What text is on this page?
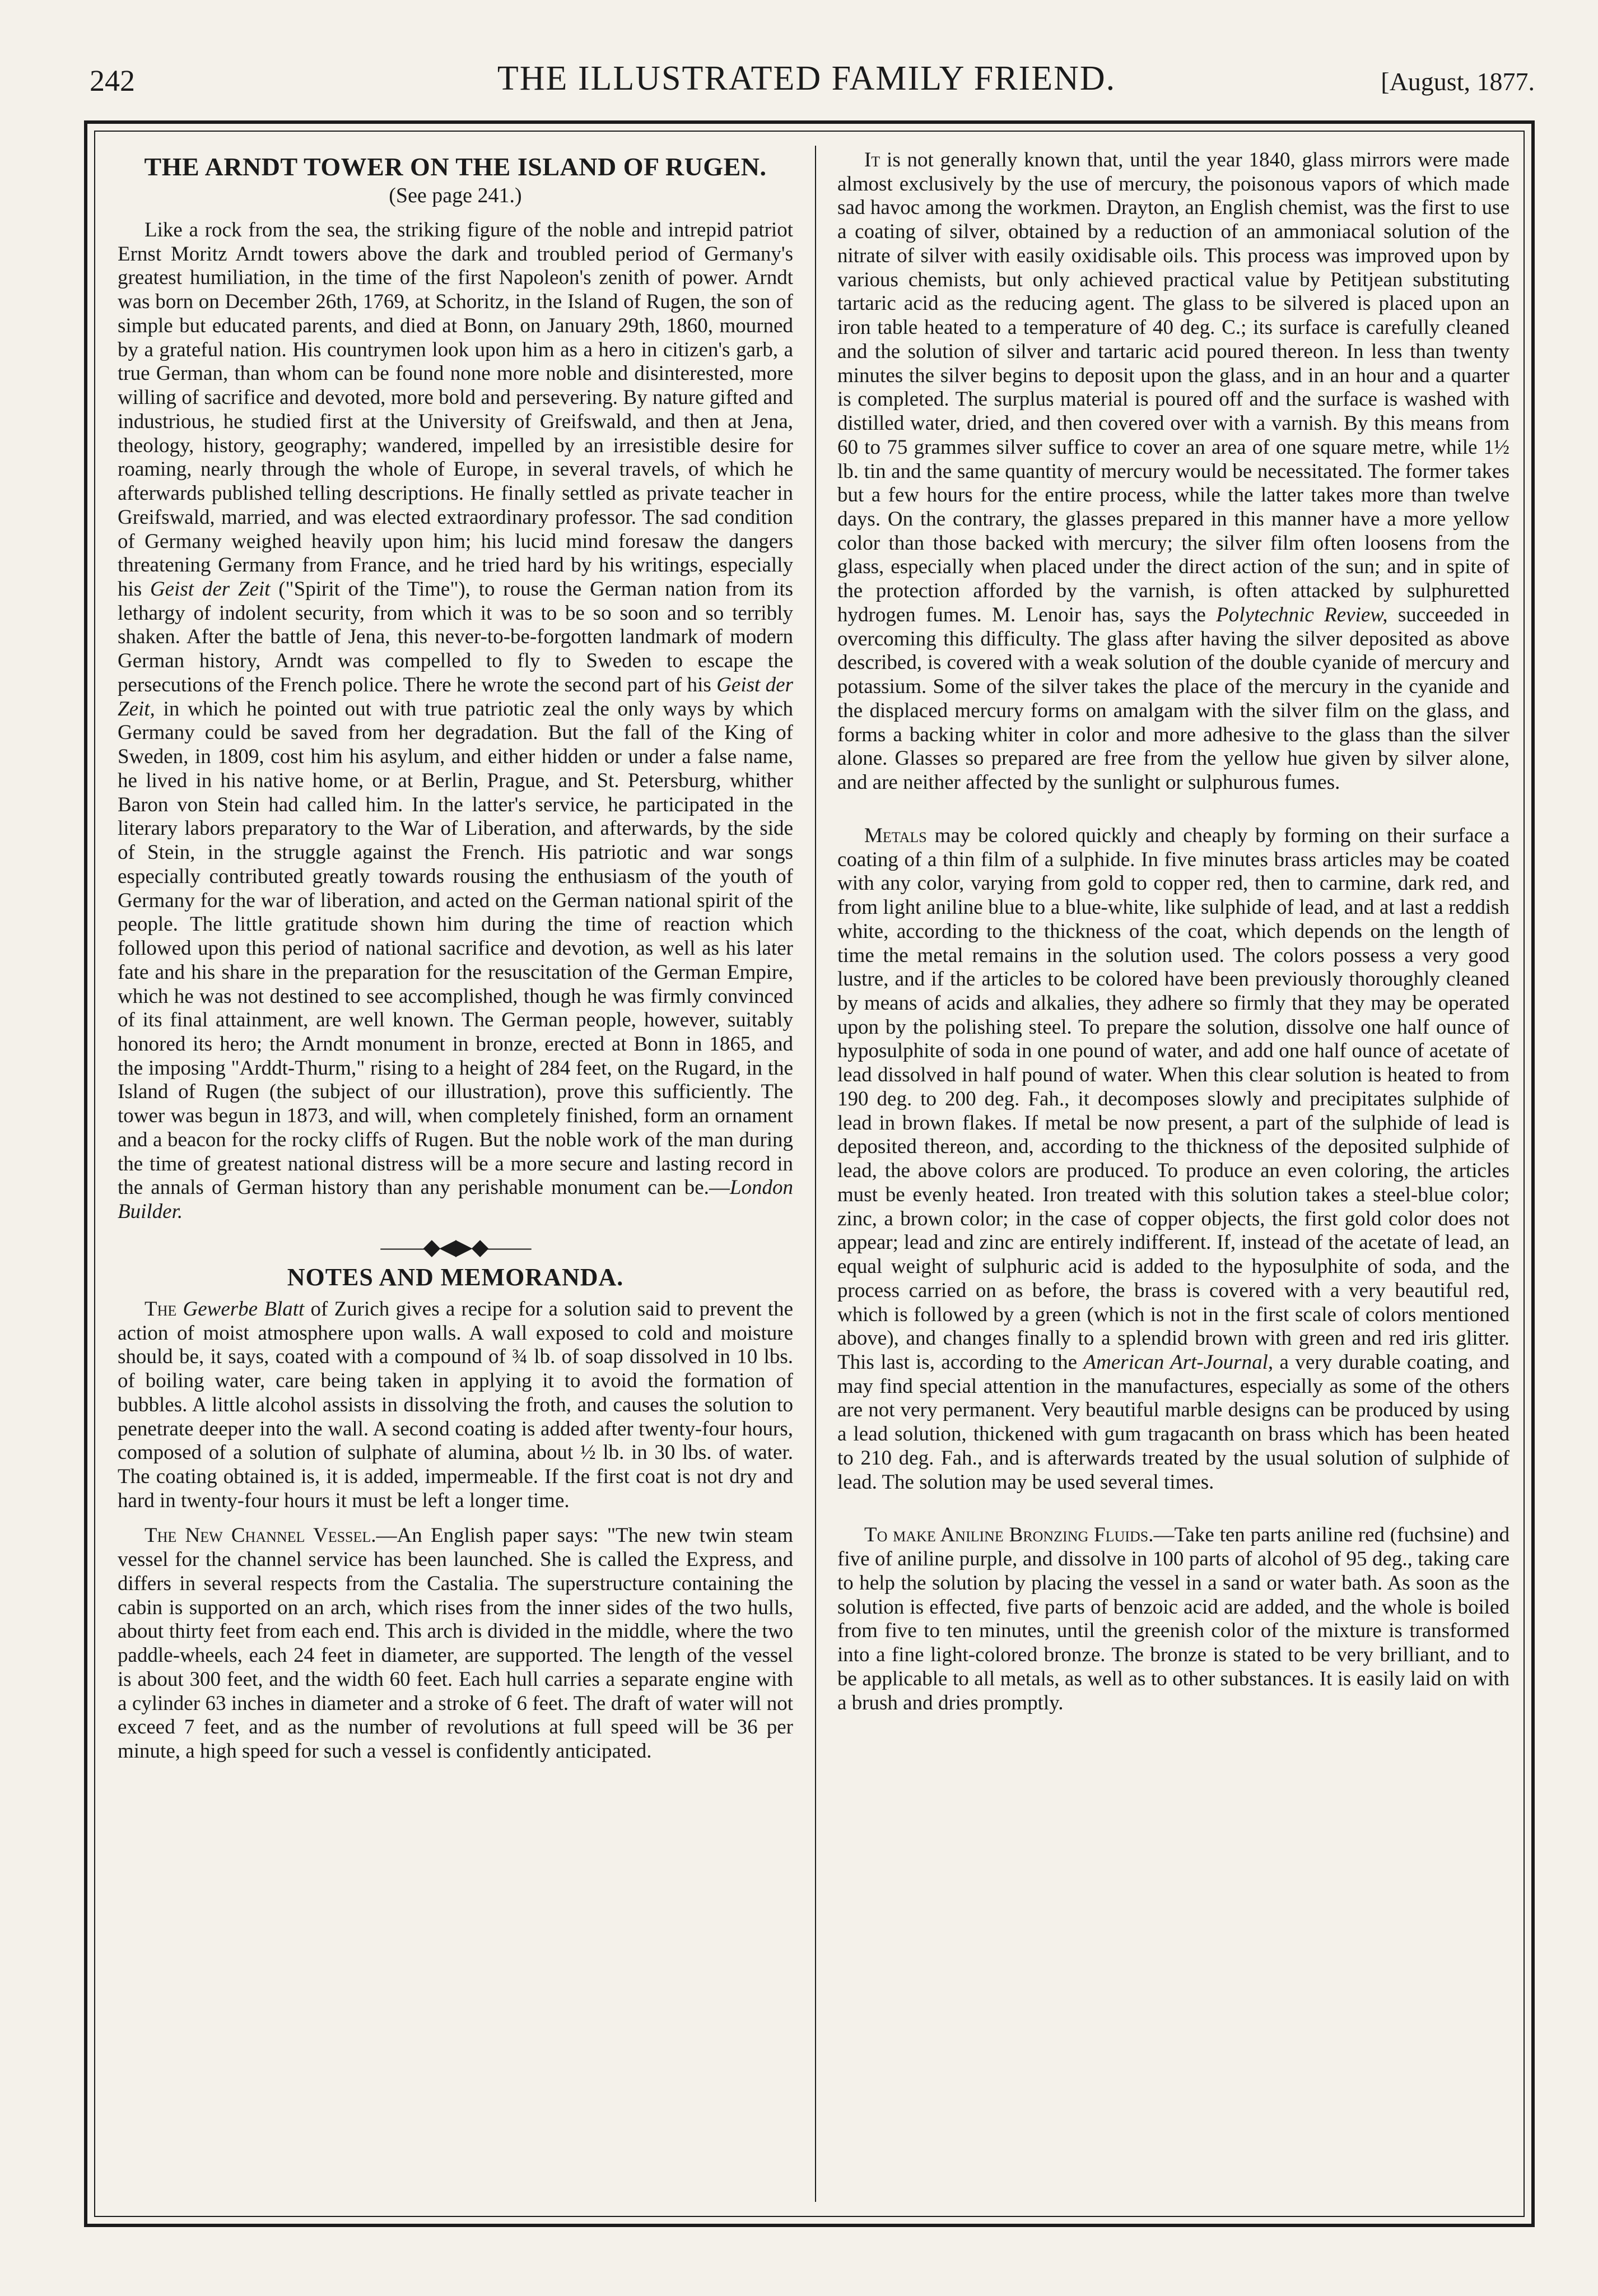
242	THE ILLUSTRATED FAMILY FRIEND.	[August, 1877.
THE ARNDT TOWER ON THE ISLAND OF RUGEN.
(See page 241.)

Like a rock from the sea, the striking figure of the noble and intrepid patriot Ernst Moritz Arndt towers above the dark and troubled period of Germany's greatest humiliation, in the time of the first Napoleon's zenith of power. Arndt was born on December 26th, 1769, at Schoritz, in the Island of Rugen, the son of simple but educated parents, and died at Bonn, on January 29th, 1860, mourned by a grateful nation. His countrymen look upon him as a hero in citizen's garb, a true German, than whom can be found none more noble and disinterested, more willing of sacrifice and devoted, more bold and persevering. By nature gifted and industrious, he studied first at the University of Greifswald, and then at Jena, theology, history, geography; wandered, impelled by an irresistible desire for roaming, nearly through the whole of Europe, in several travels, of which he afterwards published telling descriptions. He finally settled as private teacher in Greifswald, married, and was elected extraordinary professor. The sad condition of Germany weighed heavily upon him; his lucid mind foresaw the dangers threatening Germany from France, and he tried hard by his writings, especially his Geist der Zeit ("Spirit of the Time"), to rouse the German nation from its lethargy of indolent security, from which it was to be so soon and so terribly shaken. After the battle of Jena, this never-to-be-forgotten landmark of modern German history, Arndt was compelled to fly to Sweden to escape the persecutions of the French police. There he wrote the second part of his Geist der Zeit, in which he pointed out with true patriotic zeal the only ways by which Germany could be saved from her degradation. But the fall of the King of Sweden, in 1809, cost him his asylum, and either hidden or under a false name, he lived in his native home, or at Berlin, Prague, and St. Petersburg, whither Baron von Stein had called him. In the latter's service, he participated in the literary labors preparatory to the War of Liberation, and afterwards, by the side of Stein, in the struggle against the French. His patriotic and war songs especially contributed greatly towards rousing the enthusiasm of the youth of Germany for the war of liberation, and acted on the German national spirit of the people. The little gratitude shown him during the time of reaction which followed upon this period of national sacrifice and devotion, as well as his later fate and his share in the preparation for the resuscitation of the German Empire, which he was not destined to see accomplished, though he was firmly convinced of its final attainment, are well known. The German people, however, suitably honored its hero; the Arndt monument in bronze, erected at Bonn in 1865, and the imposing "Arddt-Thurm," rising to a height of 284 feet, on the Rugard, in the Island of Rugen (the subject of our illustration), prove this sufficiently. The tower was begun in 1873, and will, when completely finished, form an ornament and a beacon for the rocky cliffs of Rugen. But the noble work of the man during the time of greatest national distress will be a more secure and lasting record in the annals of German history than any perishable monument can be.—London Builder.

——◆◀▶◆——
NOTES AND MEMORANDA.

The Gewerbe Blatt of Zurich gives a recipe for a solution said to prevent the action of moist atmosphere upon walls. A wall exposed to cold and moisture should be, it says, coated with a compound of ¾ lb. of soap dissolved in 10 lbs. of boiling water, care being taken in applying it to avoid the formation of bubbles. A little alcohol assists in dissolving the froth, and causes the solution to penetrate deeper into the wall. A second coating is added after twenty-four hours, composed of a solution of sulphate of alumina, about ½ lb. in 30 lbs. of water. The coating obtained is, it is added, impermeable. If the first coat is not dry and hard in twenty-four hours it must be left a longer time.

The New Channel Vessel.—An English paper says: "The new twin steam vessel for the channel service has been launched. She is called the Express, and differs in several respects from the Castalia. The superstructure containing the cabin is supported on an arch, which rises from the inner sides of the two hulls, about thirty feet from each end. This arch is divided in the middle, where the two paddle-wheels, each 24 feet in diameter, are supported. The length of the vessel is about 300 feet, and the width 60 feet. Each hull carries a separate engine with a cylinder 63 inches in diameter and a stroke of 6 feet. The draft of water will not exceed 7 feet, and as the number of revolutions at full speed will be 36 per minute, a high speed for such a vessel is confidently anticipated.

It is not generally known that, until the year 1840, glass mirrors were made almost exclusively by the use of mercury, the poisonous vapors of which made sad havoc among the workmen. Drayton, an English chemist, was the first to use a coating of silver, obtained by a reduction of an ammoniacal solution of the nitrate of silver with easily oxidisable oils. This process was improved upon by various chemists, but only achieved practical value by Petitjean substituting tartaric acid as the reducing agent. The glass to be silvered is placed upon an iron table heated to a temperature of 40 deg. C.; its surface is carefully cleaned and the solution of silver and tartaric acid poured thereon. In less than twenty minutes the silver begins to deposit upon the glass, and in an hour and a quarter is completed. The surplus material is poured off and the surface is washed with distilled water, dried, and then covered over with a varnish. By this means from 60 to 75 grammes silver suffice to cover an area of one square metre, while 1½ lb. tin and the same quantity of mercury would be necessitated. The former takes but a few hours for the entire process, while the latter takes more than twelve days. On the contrary, the glasses prepared in this manner have a more yellow color than those backed with mercury; the silver film often loosens from the glass, especially when placed under the direct action of the sun; and in spite of the protection afforded by the varnish, is often attacked by sulphuretted hydrogen fumes. M. Lenoir has, says the Polytechnic Review, succeeded in overcoming this difficulty. The glass after having the silver deposited as above described, is covered with a weak solution of the double cyanide of mercury and potassium. Some of the silver takes the place of the mercury in the cyanide and the displaced mercury forms on amalgam with the silver film on the glass, and forms a backing whiter in color and more adhesive to the glass than the silver alone. Glasses so prepared are free from the yellow hue given by silver alone, and are neither affected by the sunlight or sulphurous fumes.

Metals may be colored quickly and cheaply by forming on their surface a coating of a thin film of a sulphide. In five minutes brass articles may be coated with any color, varying from gold to copper red, then to carmine, dark red, and from light aniline blue to a blue-white, like sulphide of lead, and at last a reddish white, according to the thickness of the coat, which depends on the length of time the metal remains in the solution used. The colors possess a very good lustre, and if the articles to be colored have been previously thoroughly cleaned by means of acids and alkalies, they adhere so firmly that they may be operated upon by the polishing steel. To prepare the solution, dissolve one half ounce of hyposulphite of soda in one pound of water, and add one half ounce of acetate of lead dissolved in half pound of water. When this clear solution is heated to from 190 deg. to 200 deg. Fah., it decomposes slowly and precipitates sulphide of lead in brown flakes. If metal be now present, a part of the sulphide of lead is deposited thereon, and, according to the thickness of the deposited sulphide of lead, the above colors are produced. To produce an even coloring, the articles must be evenly heated. Iron treated with this solution takes a steel-blue color; zinc, a brown color; in the case of copper objects, the first gold color does not appear; lead and zinc are entirely indifferent. If, instead of the acetate of lead, an equal weight of sulphuric acid is added to the hyposulphite of soda, and the process carried on as before, the brass is covered with a very beautiful red, which is followed by a green (which is not in the first scale of colors mentioned above), and changes finally to a splendid brown with green and red iris glitter. This last is, according to the American Art-Journal, a very durable coating, and may find special attention in the manufactures, especially as some of the others are not very permanent. Very beautiful marble designs can be produced by using a lead solution, thickened with gum tragacanth on brass which has been heated to 210 deg. Fah., and is afterwards treated by the usual solution of sulphide of lead. The solution may be used several times.

To make Aniline Bronzing Fluids.—Take ten parts aniline red (fuchsine) and five of aniline purple, and dissolve in 100 parts of alcohol of 95 deg., taking care to help the solution by placing the vessel in a sand or water bath. As soon as the solution is effected, five parts of benzoic acid are added, and the whole is boiled from five to ten minutes, until the greenish color of the mixture is transformed into a fine light-colored bronze. The bronze is stated to be very brilliant, and to be applicable to all metals, as well as to other substances. It is easily laid on with a brush and dries promptly.
